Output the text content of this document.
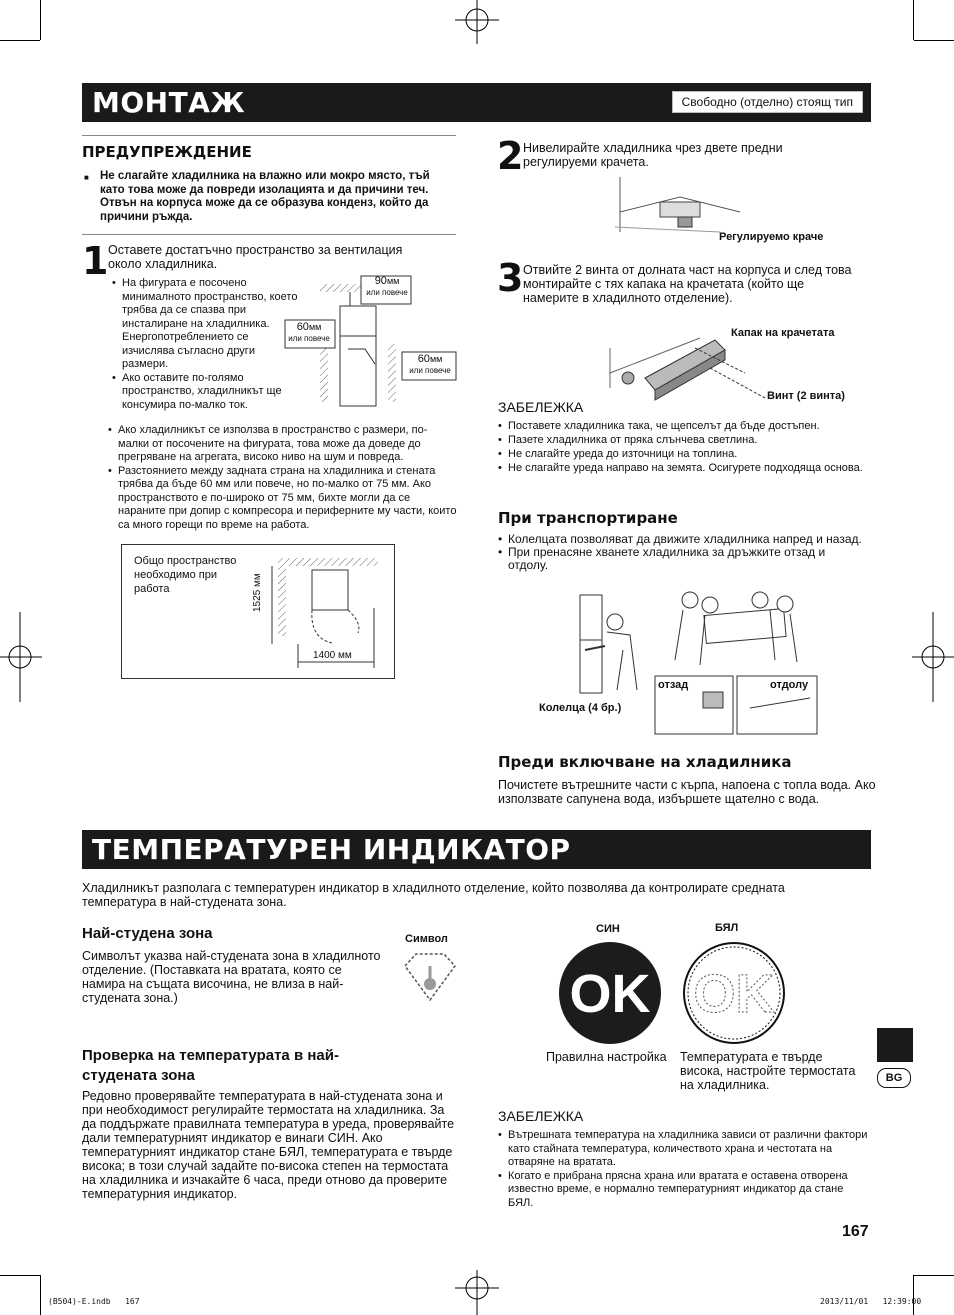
МОНТАЖ	Свободно (отделно) стоящ тип
ПРЕДУПРЕЖДЕНИЕ
■ Не слагайте хладилника на влажно или мокро място, тъй като това може да повреди изолацията и да причини теч. Отвън на корпуса може да се образува конденз, който да причини ръжда.
1 Оставете достатъчно пространство за вентилация около хладилника.
• На фигурата е посочено минималното пространство, което трябва да се спазва при инсталиране на хладилника. Енергопотреблението се изчислява съгласно други размери.
• Ако оставите по-голямо пространство, хладилникът ще консумира по-малко ток.
90мм
или повече
60мм
или повече
60мм
или повече
• Ако хладилникът се използва в пространство с размери, по-малки от посочените на фигурата, това може да доведе до прегряване на агрегата, високо ниво на шум и повреда.
• Разстоянието между задната страна на хладилника и стената трябва да бъде 60 мм или повече, но по-малко от 75 мм. Ако пространството е по-широко от 75 мм, бихте могли да се нараните при допир с компресора и периферните му части, които са много горещи по време на работа.
Общо пространство необходимо при работа	1525 мм
1400 мм
2 Нивелирайте хладилника чрез двете предни регулируеми крачета.
Регулируемо краче
3 Отвийте 2 винта от долната част на корпуса и след това монтирайте с тях капака на крачетата (който ще намерите в хладилното отделение).
Капак на крачетата
Винт (2 винта)
ЗАБЕЛЕЖКА
• Поставете хладилника така, че щепселът да бъде достъпен.
• Пазете хладилника от пряка слънчева светлина.
• Не слагайте уреда до източници на топлина.
• Не слагайте уреда направо на земята. Осигурете подходяща основа.
При транспортиране
• Колелцата позволяват да движите хладилника напред и назад.
• При пренасяне хванете хладилника за дръжките отзад и отдолу.
отзад	отдолу
Колелца (4 бр.)
Преди включване на хладилника
Почистете вътрешните части с кърпа, напоена с топла вода. Ако използвате сапунена вода, избършете щателно с вода.
ТЕМПЕРАТУРЕН ИНДИКАТОР
Хладилникът разполага с температурен индикатор в хладилното отделение, който позволява да контролирате средната температура в най-студената зона.
Най-студена зона
Символът указва най-студената зона в хладилното отделение. (Поставката на вратата, която се намира на същата височина, не влиза в най-студената зона.)
Символ
Проверка на температурата в най-студената зона
Редовно проверявайте температурата в най-студената зона и при необходимост регулирайте термостата на хладилника. За да поддържате правилната температура в уреда, проверявайте дали температурният индикатор е винаги СИН. Ако температурният индикатор стане БЯЛ, температурата е твърде висока; в този случай задайте по-висока степен на термостата на хладилника и изчакайте 6 часа, преди отново да проверите температурния индикатор.
СИН	БЯЛ
OK OK
Правилна настройка Температурата е твърде висока, настройте термостата на хладилника.
ЗАБЕЛЕЖКА
• Вътрешната температура на хладилника зависи от различни фактори като стайната температура, количеството храна и честотата на отваряне на вратата.
• Когато е прибрана прясна храна или вратата е оставена отворена известно време, е нормално температурният индикатор да стане БЯЛ.
BG
167
(B504)-E.indb   167	2013/11/01   12:39:00
